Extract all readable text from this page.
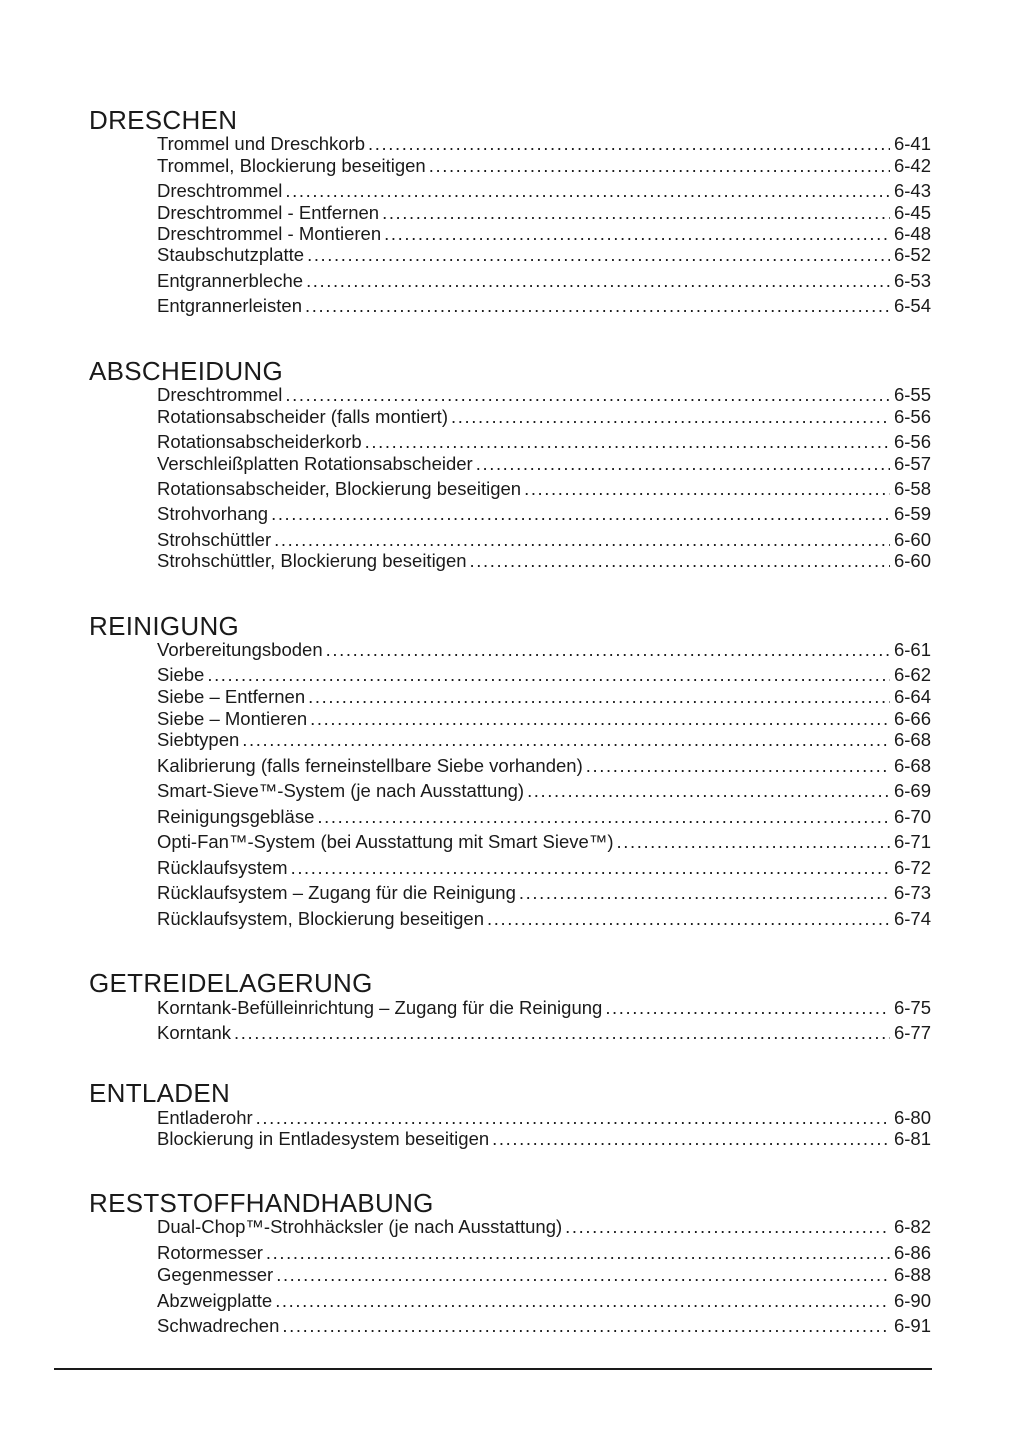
DRESCHEN
Trommel und Dreschkorb .....	6-41
Trommel, Blockierung beseitigen .....	6-42
Dreschtrommel .....	6-43
Dreschtrommel - Entfernen .....	6-45
Dreschtrommel - Montieren .....	6-48
Staubschutzplatte .....	6-52
Entgrannerbleche .....	6-53
Entgrannerleisten .....	6-54
ABSCHEIDUNG
Dreschtrommel .....	6-55
Rotationsabscheider (falls montiert) .....	6-56
Rotationsabscheiderkorb .....	6-56
Verschleißplatten Rotationsabscheider .....	6-57
Rotationsabscheider, Blockierung beseitigen .....	6-58
Strohvorhang .....	6-59
Strohschüttler .....	6-60
Strohschüttler, Blockierung beseitigen .....	6-60
REINIGUNG
Vorbereitungsboden .....	6-61
Siebe .....	6-62
Siebe – Entfernen .....	6-64
Siebe – Montieren .....	6-66
Siebtypen .....	6-68
Kalibrierung (falls ferneinstellbare Siebe vorhanden) .....	6-68
Smart-Sieve™-System (je nach Ausstattung) .....	6-69
Reinigungsgebläse .....	6-70
Opti-Fan™-System (bei Ausstattung mit Smart Sieve™) .....	6-71
Rücklaufsystem .....	6-72
Rücklaufsystem – Zugang für die Reinigung .....	6-73
Rücklaufsystem, Blockierung beseitigen .....	6-74
GETREIDELAGERUNG
Korntank-Befülleinrichtung – Zugang für die Reinigung .....	6-75
Korntank .....	6-77
ENTLADEN
Entladerohr .....	6-80
Blockierung in Entladesystem beseitigen .....	6-81
RESTSTOFFHANDHABUNG
Dual-Chop™-Strohhäcksler (je nach Ausstattung) .....	6-82
Rotormesser .....	6-86
Gegenmesser .....	6-88
Abzweigplatte .....	6-90
Schwadrechen .....	6-91
